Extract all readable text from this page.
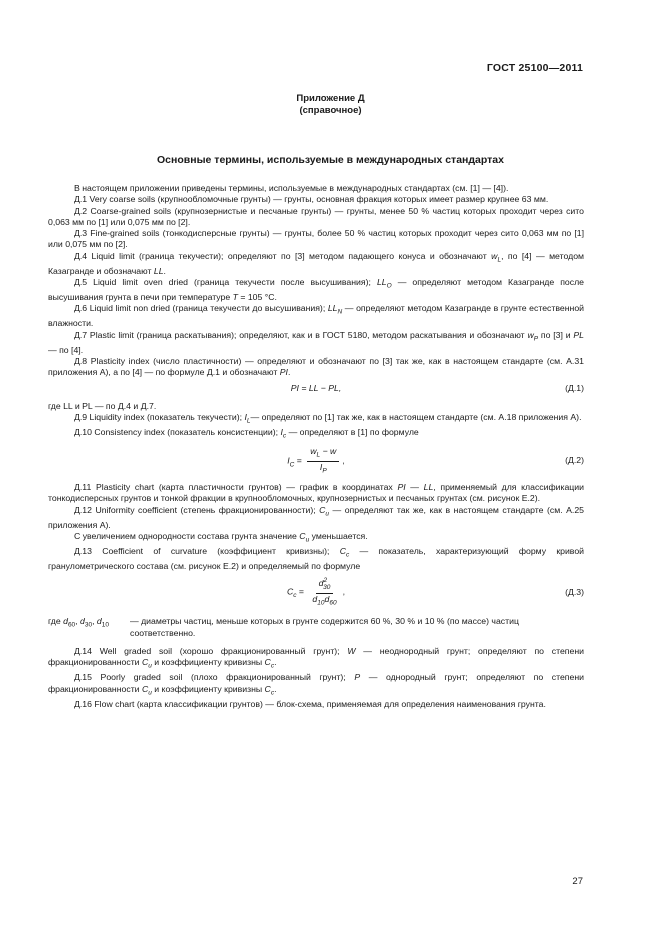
ГОСТ 25100—2011
Приложение Д
(справочное)
Основные термины, используемые в международных стандартах

В настоящем приложении приведены термины, используемые в международных стандартах (см. [1] — [4]).

Д.1 Very coarse soils (крупнообломочные грунты) — грунты, основная фракция которых имеет размер крупнее 63 мм.

Д.2 Coarse-grained soils (крупнозернистые и песчаные грунты) — грунты, менее 50 % частиц которых проходит через сито 0,063 мм по [1] или 0,075 мм по [2].

Д.3 Fine-grained soils (тонкодисперсные грунты) — грунты, более 50 % частиц которых проходит через сито 0,063 мм по [1] или 0,075 мм по [2].

Д.4 Liquid limit (граница текучести); определяют по [3] методом падающего конуса и обозначают $w_L$, по [4] — методом Казагранде и обозначают LL.

Д.5 Liquid limit oven dried (граница текучести после высушивания); $LL_O$ — определяют методом Казагранде после высушивания грунта в печи при температуре T = 105 °С.

Д.6 Liquid limit non dried (граница текучести до высушивания); $LL_N$ — определяют методом Казагранде в грунте естественной влажности.

Д.7 Plastic limit (граница раскатывания); определяют, как и в ГОСТ 5180, методом раскатывания и обозначают $w_P$ по [3] и PL — по [4].

Д.8 Plasticity index (число пластичности) — определяют и обозначают по [3] так же, как в настоящем стандарте (см. А.31 приложения А), а по [4] — по формуле Д.1 и обозначают PI.

PI = LL − PL,	(Д.1)

где LL и PL — по Д.4 и Д.7.

Д.9 Liquidity index (показатель текучести); $I_L—$ определяют по [1] так же, как в настоящем стандарте (см. А.18 приложения А).

Д.10 Consistency index (показатель консистенции); $I_c$ — определяют в [1] по формуле

$I_C = \frac{w_L - w}{I_P}$ ,	(Д.2)

Д.11 Plasticity chart (карта пластичности грунтов) — график в координатах PI — LL, применяемый для классификации тонкодисперсных грунтов и тонкой фракции в крупнообломочных, крупнозернистых и песчаных грунтах (см. рисунок Е.2).

Д.12 Uniformity coefficient (степень фракционированности); $C_u$ — определяют так же, как в настоящем стандарте (см. А.25 приложения А).

С увеличением однородности состава грунта значение $C_u$ уменьшается.

Д.13 Coefficient of curvature (коэффициент кривизны); $C_c$ — показатель, характеризующий форму кривой гранулометрического состава (см. рисунок Е.2) и определяемый по формуле

$C_c = \frac{d^2_{30}}{d_{10}d_{60}}$ ,	(Д.3)
где $d_{60}$, $d_{30}$, $d_{10}$	— диаметры частиц, меньше которых в грунте содержится 60 %, 30 % и 10 % (по массе) частиц соответственно.

Д.14 Well graded soil (хорошо фракционированный грунт); W — неоднородный грунт; определяют по степени фракционированности $C_u$ и коэффициенту кривизны $C_c$.

Д.15 Poorly graded soil (плохо фракционированный грунт); P — однородный грунт; определяют по степени фракционированности $C_u$ и коэффициенту кривизны $C_c$.

Д.16 Flow chart (карта классификации грунтов) — блок-схема, применяемая для определения наименования грунта.

27
